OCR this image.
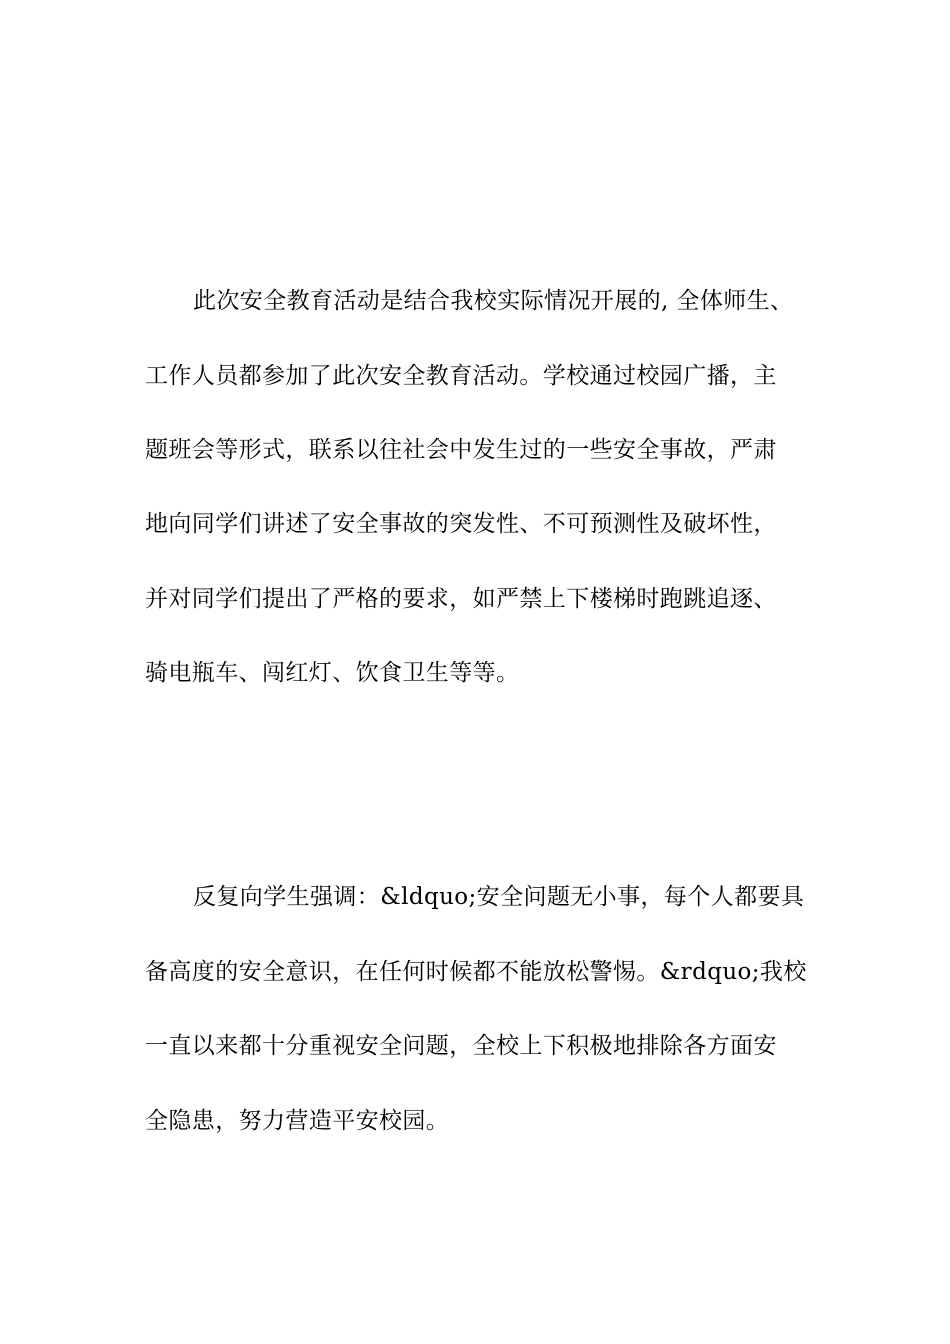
此次安全教育活动是结合我校实际情况开展的, 全体师生、
工作人员都参加了此次安全教育活动。学校通过校园广播，主
题班会等形式，联系以往社会中发生过的一些安全事故，严肃
地向同学们讲述了安全事故的突发性、不可预测性及破坏性，
并对同学们提出了严格的要求，如严禁上下楼梯时跑跳追逐、
骑电瓶车、闯红灯、饮食卫生等等。
反复向学生强调：&ldquo;安全问题无小事，每个人都要具
备高度的安全意识，在任何时候都不能放松警惕。&rdquo;我校
一直以来都十分重视安全问题，全校上下积极地排除各方面安
全隐患，努力营造平安校园。
